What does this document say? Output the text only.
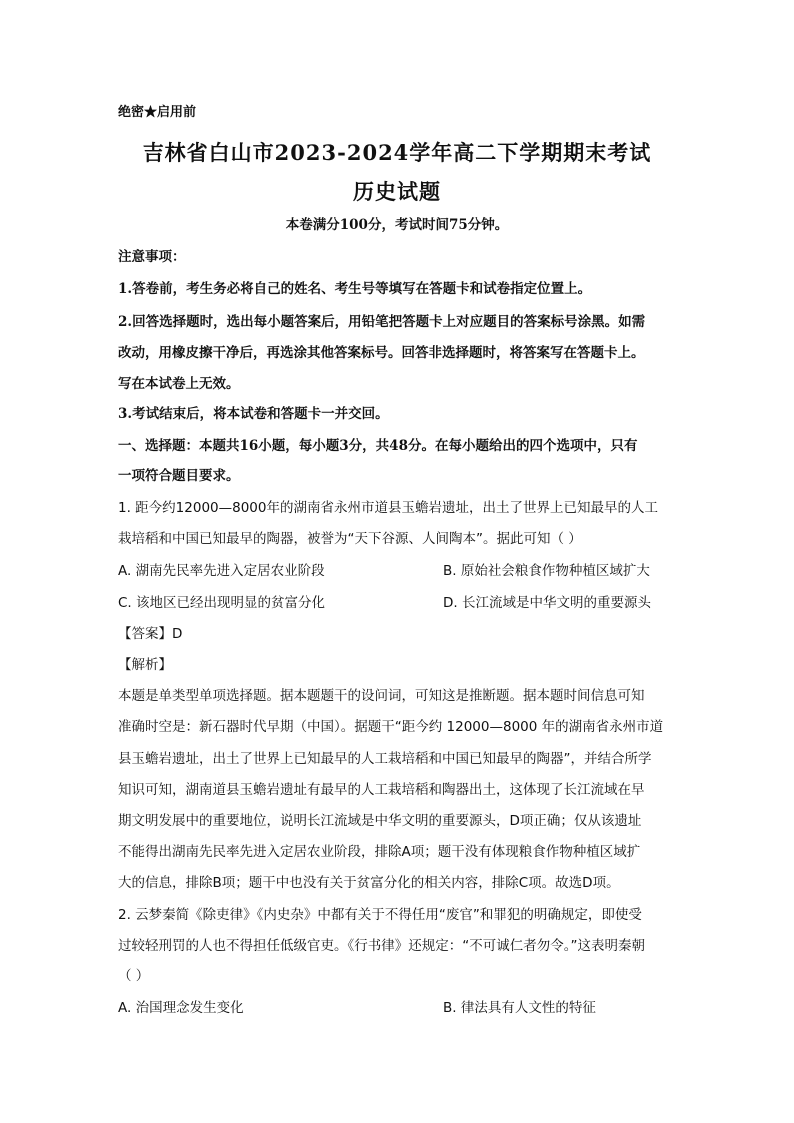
绝密★启用前
吉林省白山市2023-2024学年高二下学期期末考试
历史试题
本卷满分100分，考试时间75分钟。
注意事项：
1.答卷前，考生务必将自己的姓名、考生号等填写在答题卡和试卷指定位置上。
2.回答选择题时，选出每小题答案后，用铅笔把答题卡上对应题目的答案标号涂黑。如需
改动，用橡皮擦干净后，再选涂其他答案标号。回答非选择题时，将答案写在答题卡上。
写在本试卷上无效。
3.考试结束后，将本试卷和答题卡一并交回。
一、选择题：本题共16小题，每小题3分，共48分。在每小题给出的四个选项中，只有
一项符合题目要求。
1. 距今约12000—8000年的湖南省永州市道县玉蟾岩遗址，出土了世界上已知最早的人工
栽培稻和中国已知最早的陶器，被誉为“天下谷源、人间陶本”。据此可知（ ）
A. 湖南先民率先进入定居农业阶段	B. 原始社会粮食作物种植区域扩大
C. 该地区已经出现明显的贫富分化	D. 长江流域是中华文明的重要源头
【答案】D
【解析】
本题是单类型单项选择题。据本题题干的设问词，可知这是推断题。据本题时间信息可知
准确时空是：新石器时代早期（中国）。据题干“距今约 12000—8000 年的湖南省永州市道
县玉蟾岩遗址，出土了世界上已知最早的人工栽培稻和中国已知最早的陶器”，并结合所学
知识可知，湖南道县玉蟾岩遗址有最早的人工栽培稻和陶器出土，这体现了长江流域在早
期文明发展中的重要地位，说明长江流域是中华文明的重要源头，D项正确；仅从该遗址
不能得出湖南先民率先进入定居农业阶段，排除A项；题干没有体现粮食作物种植区域扩
大的信息，排除B项；题干中也没有关于贫富分化的相关内容，排除C项。故选D项。
2. 云梦秦简《除吏律》《内史杂》中都有关于不得任用“废官”和罪犯的明确规定，即使受
过较轻刑罚的人也不得担任低级官吏。《行书律》还规定：“不可诚仁者勿令。”这表明秦朝
（ ）
A. 治国理念发生变化	B. 律法具有人文性的特征
